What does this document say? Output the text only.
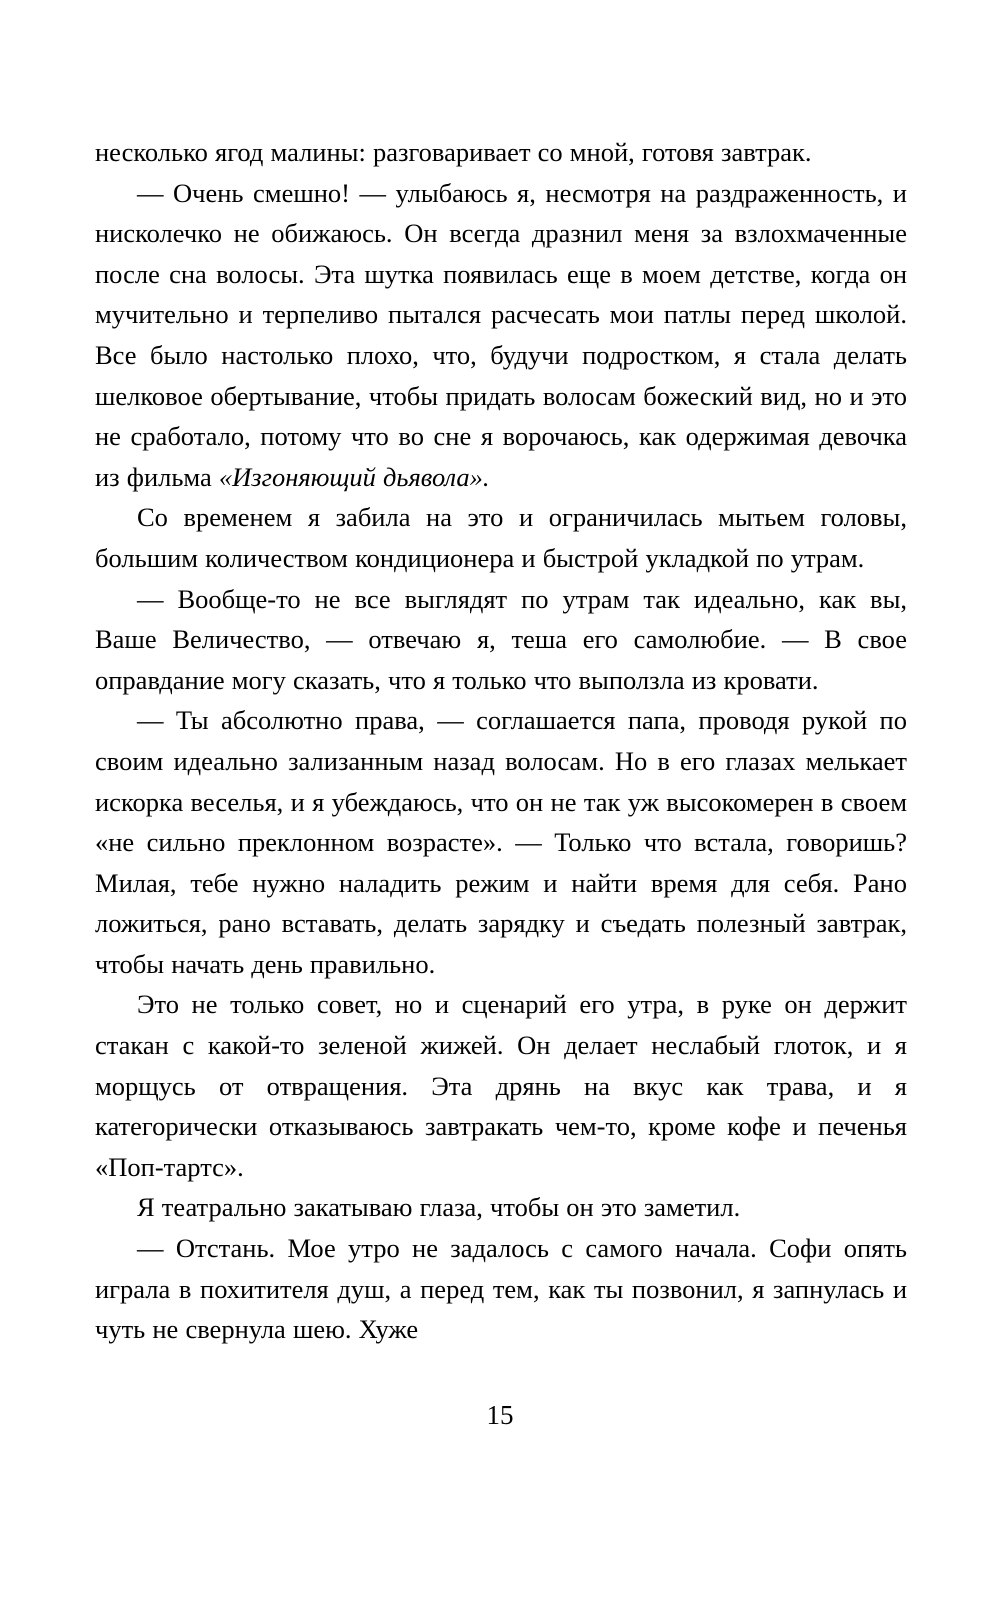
несколько ягод малины: разговаривает со мной, готовя завтрак.

— Очень смешно! — улыбаюсь я, несмотря на раздраженность, и нисколечко не обижаюсь. Он всегда дразнил меня за взлохмаченные после сна волосы. Эта шутка появилась еще в моем детстве, когда он мучительно и терпеливо пытался расчесать мои патлы перед школой. Все было настолько плохо, что, будучи подростком, я стала делать шелковое обертывание, чтобы придать волосам божеский вид, но и это не сработало, потому что во сне я ворочаюсь, как одержимая девочка из фильма «Изгоняющий дьявола».

Со временем я забила на это и ограничилась мытьем головы, большим количеством кондиционера и быстрой укладкой по утрам.

— Вообще-то не все выглядят по утрам так идеально, как вы, Ваше Величество, — отвечаю я, теша его самолюбие. — В свое оправдание могу сказать, что я только что выползла из кровати.

— Ты абсолютно права, — соглашается папа, проводя рукой по своим идеально зализанным назад волосам. Но в его глазах мелькает искорка веселья, и я убеждаюсь, что он не так уж высокомерен в своем «не сильно преклонном возрасте». — Только что встала, говоришь? Милая, тебе нужно наладить режим и найти время для себя. Рано ложиться, рано вставать, делать зарядку и съедать полезный завтрак, чтобы начать день правильно.

Это не только совет, но и сценарий его утра, в руке он держит стакан с какой-то зеленой жижей. Он делает неслабый глоток, и я морщусь от отвращения. Эта дрянь на вкус как трава, и я категорически отказываюсь завтракать чем-то, кроме кофе и печенья «Поп-тартс».

Я театрально закатываю глаза, чтобы он это заметил.

— Отстань. Мое утро не задалось с самого начала. Софи опять играла в похитителя душ, а перед тем, как ты позвонил, я запнулась и чуть не свернула шею. Хуже

15
